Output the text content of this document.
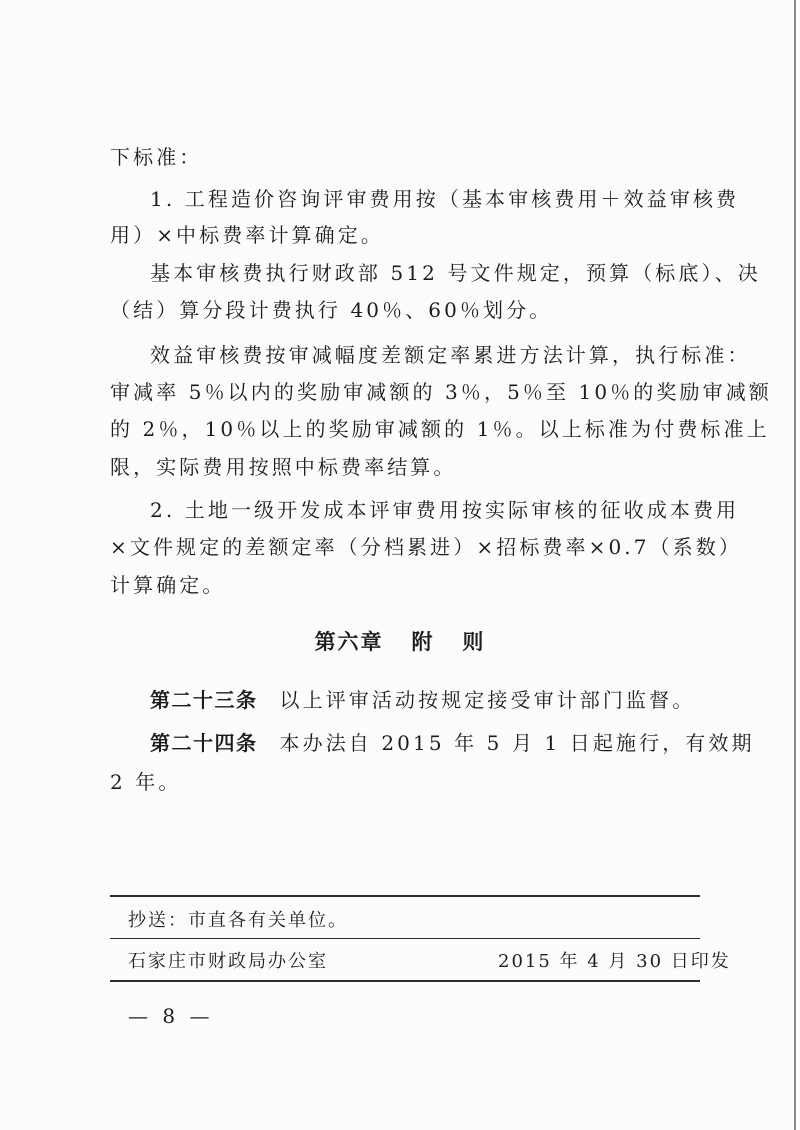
下标准：
1. 工程造价咨询评审费用按（基本审核费用＋效益审核费
用）×中标费率计算确定。
基本审核费执行财政部 512 号文件规定，预算（标底）、决
（结）算分段计费执行 40％、60％划分。
效益审核费按审减幅度差额定率累进方法计算，执行标准：
审减率 5％以内的奖励审减额的 3％，5％至 10％的奖励审减额
的 2％，10％以上的奖励审减额的 1％。以上标准为付费标准上
限，实际费用按照中标费率结算。
2. 土地一级开发成本评审费用按实际审核的征收成本费用
×文件规定的差额定率（分档累进）×招标费率×0.7（系数）
计算确定。
第六章   附   则
第二十三条 以上评审活动按规定接受审计部门监督。
第二十四条 本办法自 2015 年 5 月 1 日起施行，有效期
2 年。
抄送：市直各有关单位。
石家庄市财政局办公室	2015 年 4 月 30 日印发
— 8 —
